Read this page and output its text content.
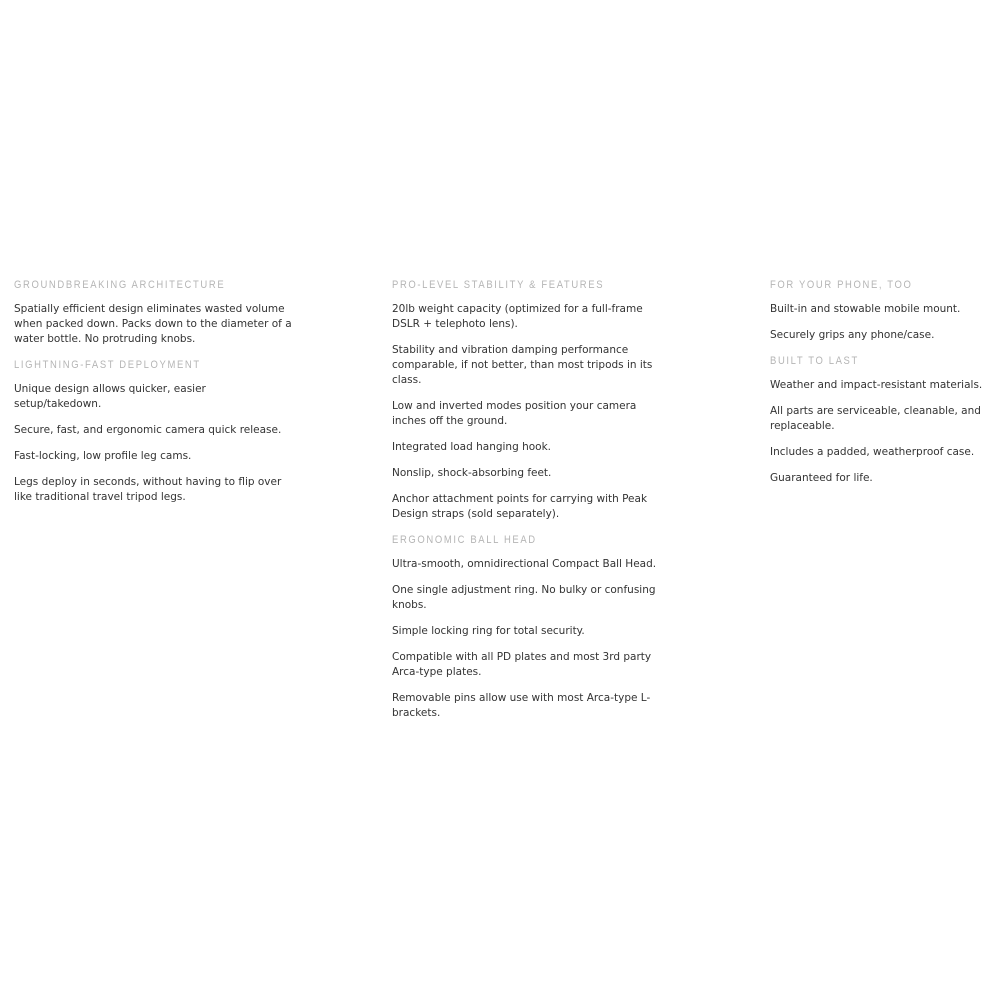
GROUNDBREAKING ARCHITECTURE

Spatially efficient design eliminates wasted volume when packed down. Packs down to the diameter of a water bottle. No protruding knobs.

LIGHTNING-FAST DEPLOYMENT

Unique design allows quicker, easier setup/takedown.

Secure, fast, and ergonomic camera quick release.

Fast-locking, low profile leg cams.

Legs deploy in seconds, without having to flip over like traditional travel tripod legs.

PRO-LEVEL STABILITY & FEATURES

20lb weight capacity (optimized for a full-frame DSLR + telephoto lens).

Stability and vibration damping performance comparable, if not better, than most tripods in its class.

Low and inverted modes position your camera inches off the ground.

Integrated load hanging hook.

Nonslip, shock-absorbing feet.

Anchor attachment points for carrying with Peak Design straps (sold separately).

ERGONOMIC BALL HEAD

Ultra-smooth, omnidirectional Compact Ball Head.

One single adjustment ring. No bulky or confusing knobs.

Simple locking ring for total security.

Compatible with all PD plates and most 3rd party Arca-type plates.

Removable pins allow use with most Arca-type L-brackets.

FOR YOUR PHONE, TOO

Built-in and stowable mobile mount.

Securely grips any phone/case.

BUILT TO LAST

Weather and impact-resistant materials.

All parts are serviceable, cleanable, and replaceable.

Includes a padded, weatherproof case.

Guaranteed for life.
